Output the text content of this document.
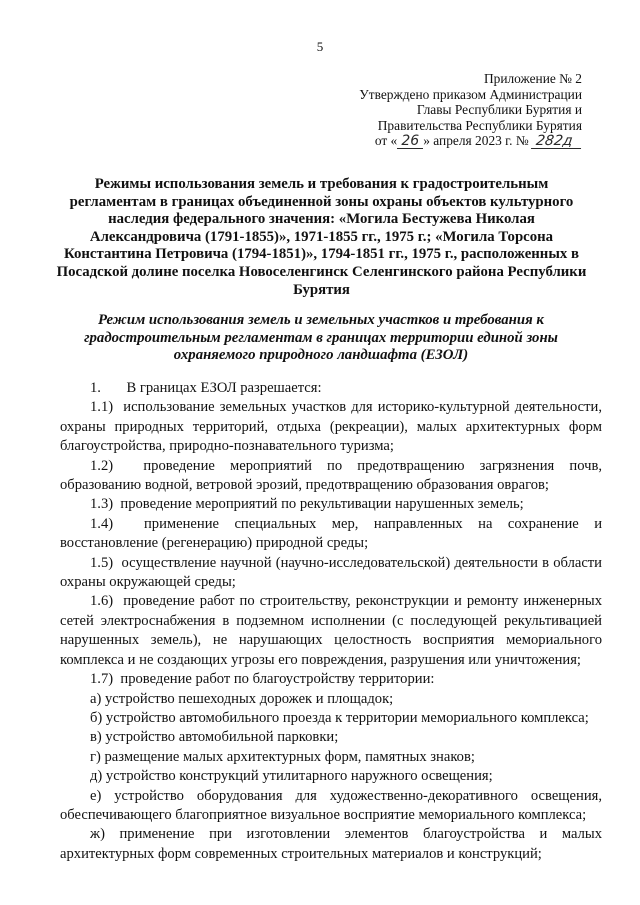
5
Приложение № 2
Утверждено приказом Администрации
Главы Республики Бурятия и
Правительства Республики Бурятия
от « 26 » апреля 2023 г. № 282д
Режимы использования земель и требования к градостроительным регламентам в границах объединенной зоны охраны объектов культурного наследия федерального значения: «Могила Бестужева Николая Александровича (1791-1855)», 1971-1855 гг., 1975 г.; «Могила Торсона Константина Петровича (1794-1851)», 1794-1851 гг., 1975 г., расположенных в Посадской долине поселка Новоселенгинск Селенгинского района Республики Бурятия
Режим использования земель и земельных участков и требования к градостроительным регламентам в границах территории единой зоны охраняемого природного ландшафта (ЕЗОЛ)

1.       В границах ЕЗОЛ разрешается:

1.1)  использование земельных участков для историко-культурной деятельности, охраны природных территорий, отдыха (рекреации), малых архитектурных форм благоустройства, природно-познавательного туризма;

1.2)  проведение мероприятий по предотвращению загрязнения почв, образованию водной, ветровой эрозий, предотвращению образования оврагов;

1.3)  проведение мероприятий по рекультивации нарушенных земель;

1.4)  применение специальных мер, направленных на сохранение и восстановление (регенерацию) природной среды;

1.5)  осуществление научной (научно-исследовательской) деятельности в области охраны окружающей среды;

1.6)  проведение работ по строительству, реконструкции и ремонту инженерных сетей электроснабжения в подземном исполнении (с последующей рекультивацией нарушенных земель), не нарушающих целостность восприятия мемориального комплекса и не создающих угрозы его повреждения, разрушения или уничтожения;

1.7)  проведение работ по благоустройству территории:

а) устройство пешеходных дорожек и площадок;

б) устройство автомобильного проезда к территории мемориального комплекса;

в) устройство автомобильной парковки;

г) размещение малых архитектурных форм, памятных знаков;

д) устройство конструкций утилитарного наружного освещения;

е) устройство оборудования для художественно-декоративного освещения, обеспечивающего благоприятное визуальное восприятие мемориального комплекса;

ж) применение при изготовлении элементов благоустройства и малых архитектурных форм современных строительных материалов и конструкций;
